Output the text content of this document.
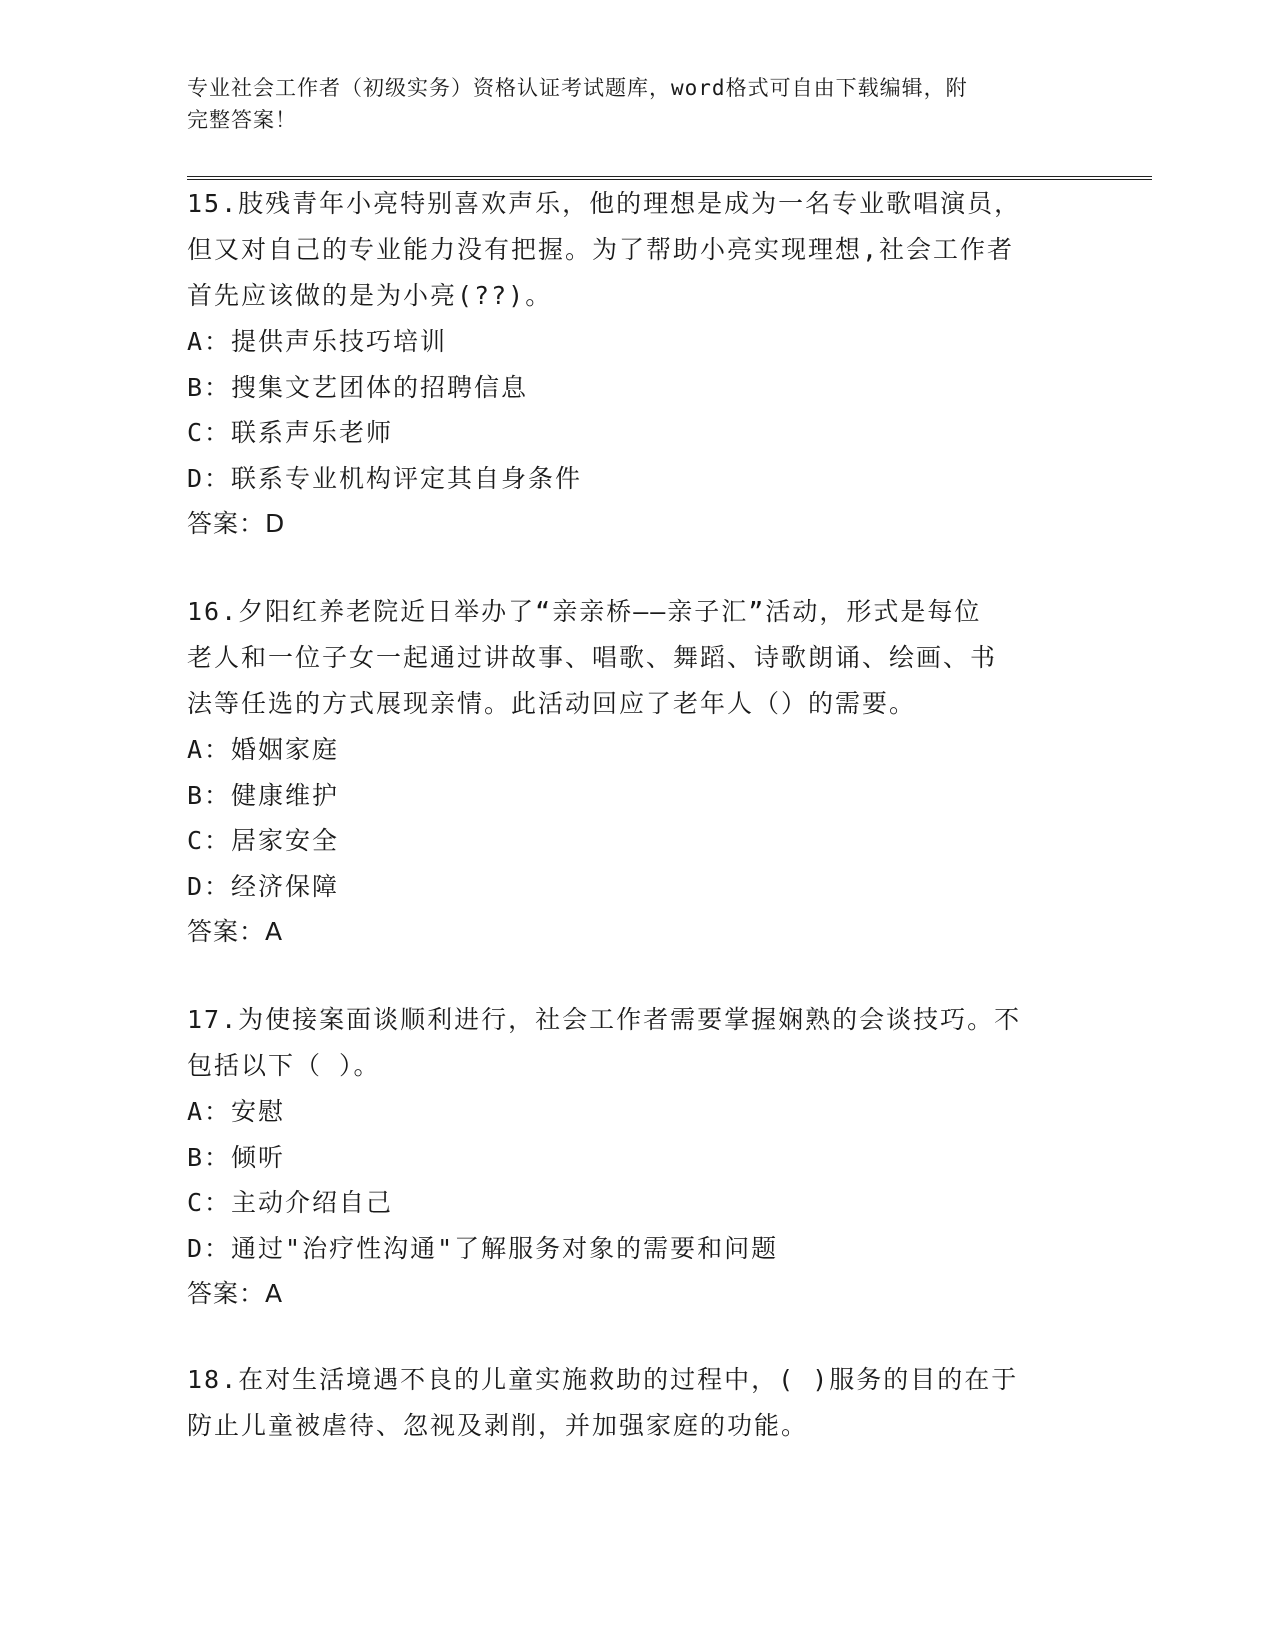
专业社会工作者（初级实务）资格认证考试题库，word格式可自由下载编辑，附
完整答案！
15.肢残青年小亮特别喜欢声乐，他的理想是成为一名专业歌唱演员，
但又对自己的专业能力没有把握。为了帮助小亮实现理想,社会工作者
首先应该做的是为小亮(??)。
A：提供声乐技巧培训
B：搜集文艺团体的招聘信息
C：联系声乐老师
D：联系专业机构评定其自身条件
答案：D
16.夕阳红养老院近日举办了“亲亲桥——亲子汇”活动，形式是每位
老人和一位子女一起通过讲故事、唱歌、舞蹈、诗歌朗诵、绘画、书
法等任选的方式展现亲情。此活动回应了老年人（）的需要。
A：婚姻家庭
B：健康维护
C：居家安全
D：经济保障
答案：A
17.为使接案面谈顺利进行，社会工作者需要掌握娴熟的会谈技巧。不
包括以下（ ）。
A：安慰
B：倾听
C：主动介绍自己
D：通过"治疗性沟通"了解服务对象的需要和问题
答案：A
18.在对生活境遇不良的儿童实施救助的过程中，( )服务的目的在于
防止儿童被虐待、忽视及剥削，并加强家庭的功能。
